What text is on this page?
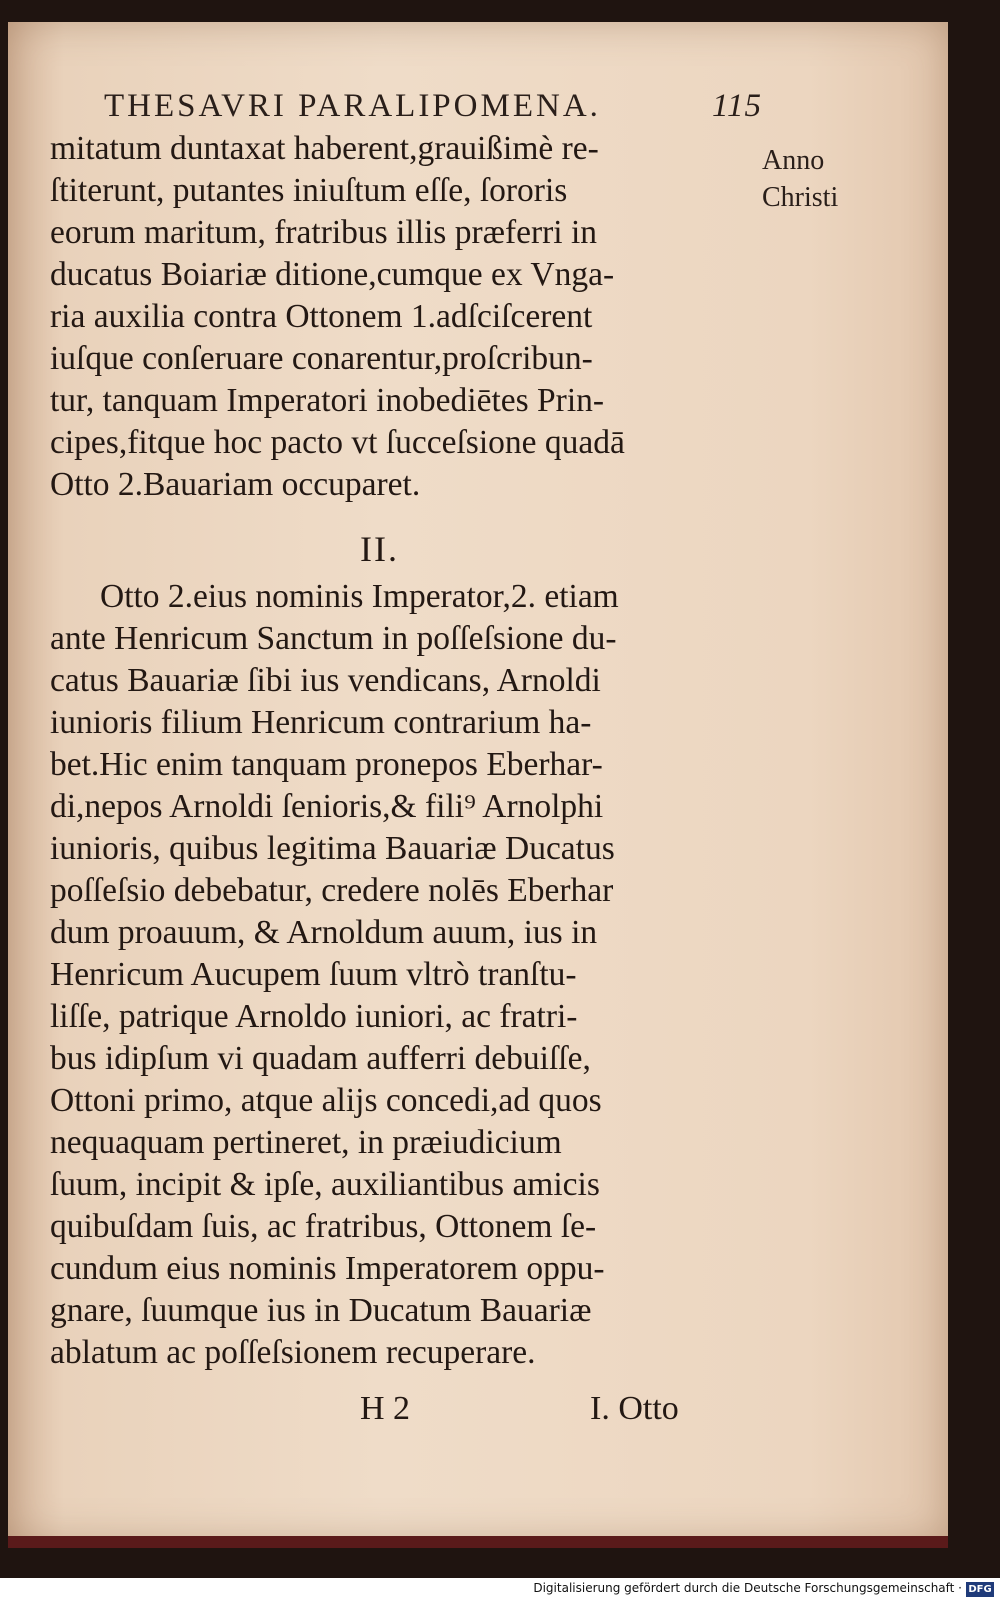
THESAVRI PARALIPOMENA.	115
Anno
Christi
mitatum duntaxat haberent,grauißimè re-
ſtiterunt, putantes iniuſtum eſſe, ſororis
eorum maritum, fratribus illis præferri in
ducatus Boiariæ ditione,cumque ex Vnga-
ria auxilia contra Ottonem 1.adſciſcerent
iuſque conſeruare conarentur,proſcribun-
tur, tanquam Imperatori inobediētes Prin-
cipes,fitque hoc pacto vt ſucceſsione quadā
Otto 2.Bauariam occuparet.
Otto 2.eius nominis Imperator,2. etiam
ante Henricum Sanctum in poſſeſsione du-
catus Bauariæ ſibi ius vendicans, Arnoldi
iunioris filium Henricum contrarium ha-
bet.Hic enim tanquam pronepos Eberhar-
di,nepos Arnoldi ſenioris,& fili⁹ Arnolphi
iunioris, quibus legitima Bauariæ Ducatus
poſſeſsio debebatur, credere nolēs Eberhar
dum proauum, & Arnoldum auum, ius in
Henricum Aucupem ſuum vltrò tranſtu-
liſſe, patrique Arnoldo iuniori, ac fratri-
bus idipſum vi quadam aufferri debuiſſe,
Ottoni primo, atque alijs concedi,ad quos
nequaquam pertineret, in præiudicium
ſuum, incipit & ipſe, auxiliantibus amicis
quibuſdam ſuis, ac fratribus, Ottonem ſe-
cundum eius nominis Imperatorem oppu-
gnare, ſuumque ius in Ducatum Bauariæ
ablatum ac poſſeſsionem recuperare.
II.
H 2	I. Otto
Digitalisierung gefördert durch die Deutsche Forschungsgemeinschaft · DFG
